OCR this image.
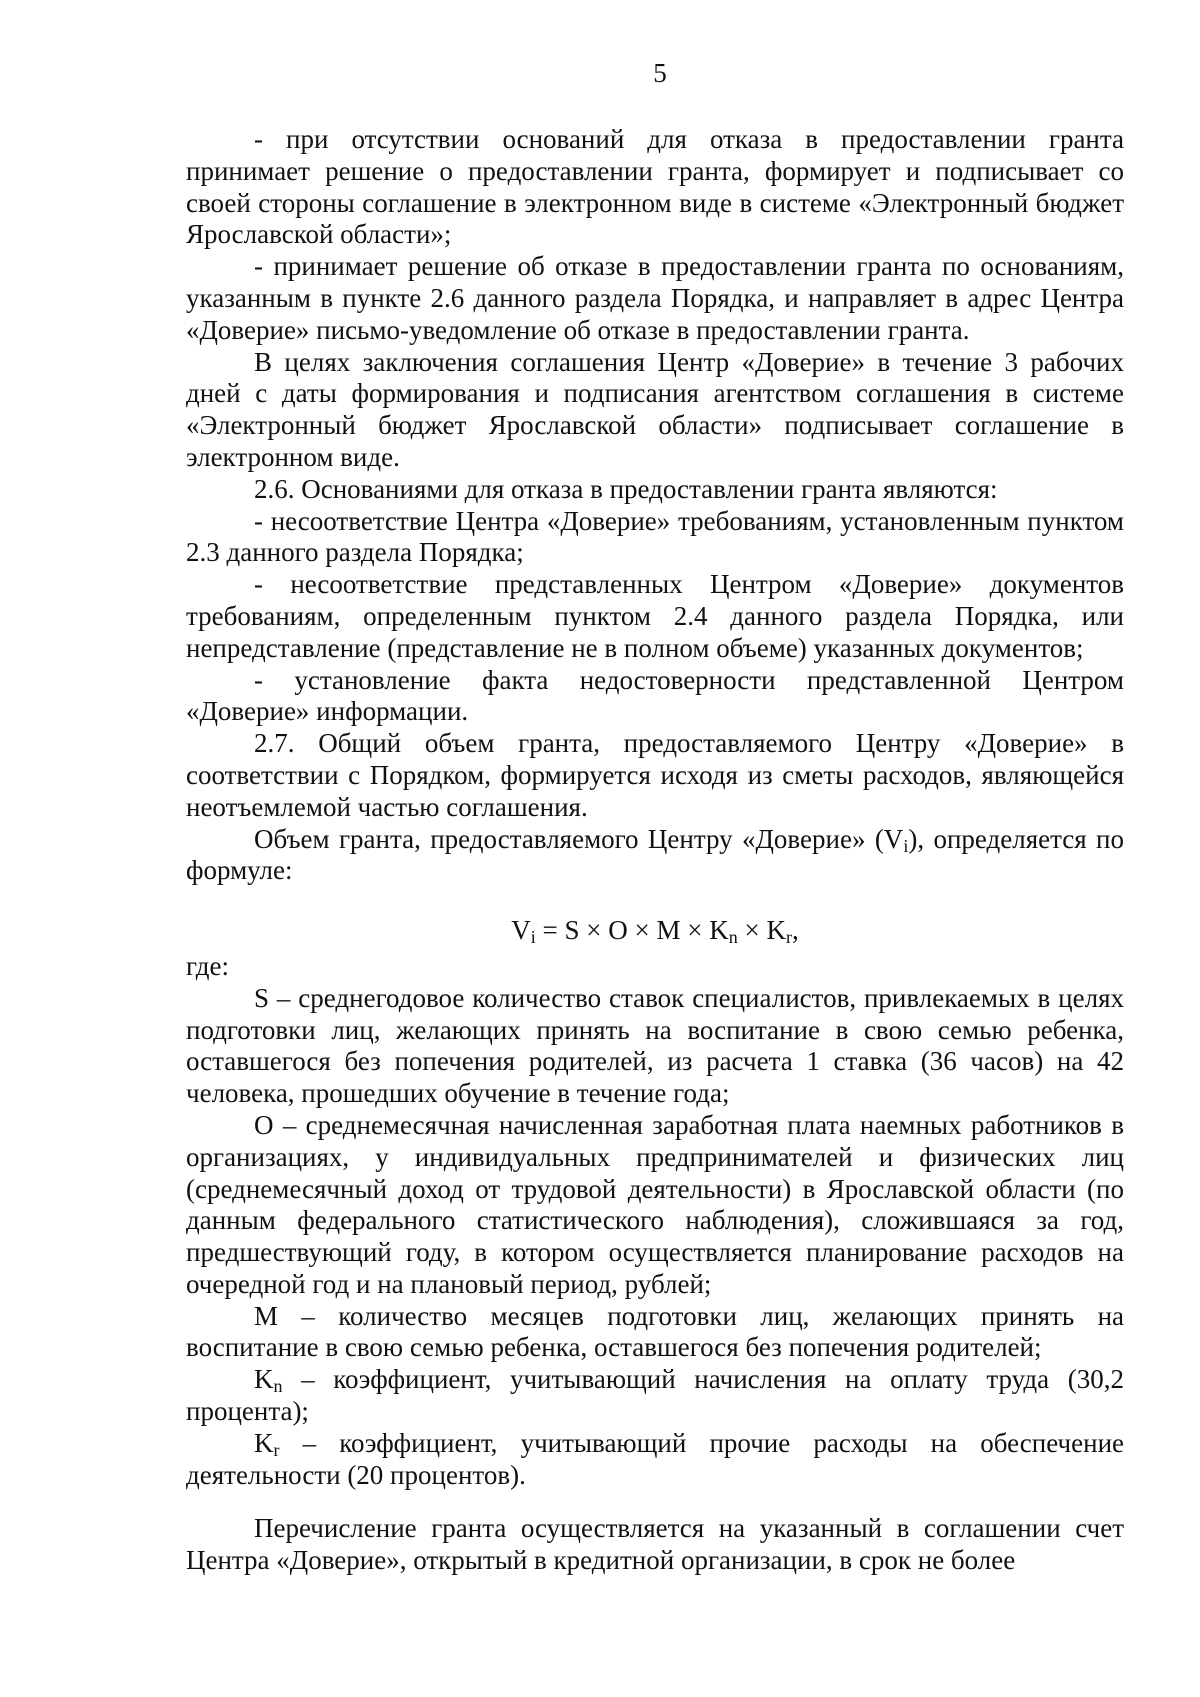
5

- при отсутствии оснований для отказа в предоставлении гранта принимает решение о предоставлении гранта, формирует и подписывает со своей стороны соглашение в электронном виде в системе «Электронный бюджет Ярославской области»;

- принимает решение об отказе в предоставлении гранта по основаниям, указанным в пункте 2.6 данного раздела Порядка, и направляет в адрес Центра «Доверие» письмо-уведомление об отказе в предоставлении гранта.

В целях заключения соглашения Центр «Доверие» в течение 3 рабочих дней с даты формирования и подписания агентством соглашения в системе «Электронный бюджет Ярославской области» подписывает соглашение в электронном виде.

2.6. Основаниями для отказа в предоставлении гранта являются:

- несоответствие Центра «Доверие» требованиям, установленным пунктом 2.3 данного раздела Порядка;

- несоответствие представленных Центром «Доверие» документов требованиям, определенным пунктом 2.4 данного раздела Порядка, или непредставление (представление не в полном объеме) указанных документов;

- установление факта недостоверности представленной Центром «Доверие» информации.

2.7. Общий объем гранта, предоставляемого Центру «Доверие» в соответствии с Порядком, формируется исходя из сметы расходов, являющейся неотъемлемой частью соглашения.

Объем гранта, предоставляемого Центру «Доверие» $(V_i)$, определяется по формуле:

$V_i = S \times O \times M \times K_n \times K_r$,

где:

S – среднегодовое количество ставок специалистов, привлекаемых в целях подготовки лиц, желающих принять на воспитание в свою семью ребенка, оставшегося без попечения родителей, из расчета 1 ставка (36 часов) на 42 человека, прошедших обучение в течение года;

О – среднемесячная начисленная заработная плата наемных работников в организациях, у индивидуальных предпринимателей и физических лиц (среднемесячный доход от трудовой деятельности) в Ярославской области (по данным федерального статистического наблюдения), сложившаяся за год, предшествующий году, в котором осуществляется планирование расходов на очередной год и на плановый период, рублей;

М – количество месяцев подготовки лиц, желающих принять на воспитание в свою семью ребенка, оставшегося без попечения родителей;

$K_n$ – коэффициент, учитывающий начисления на оплату труда (30,2 процента);

$K_r$ – коэффициент, учитывающий прочие расходы на обеспечение деятельности (20 процентов).

Перечисление гранта осуществляется на указанный в соглашении счет Центра «Доверие», открытый в кредитной организации, в срок не более
